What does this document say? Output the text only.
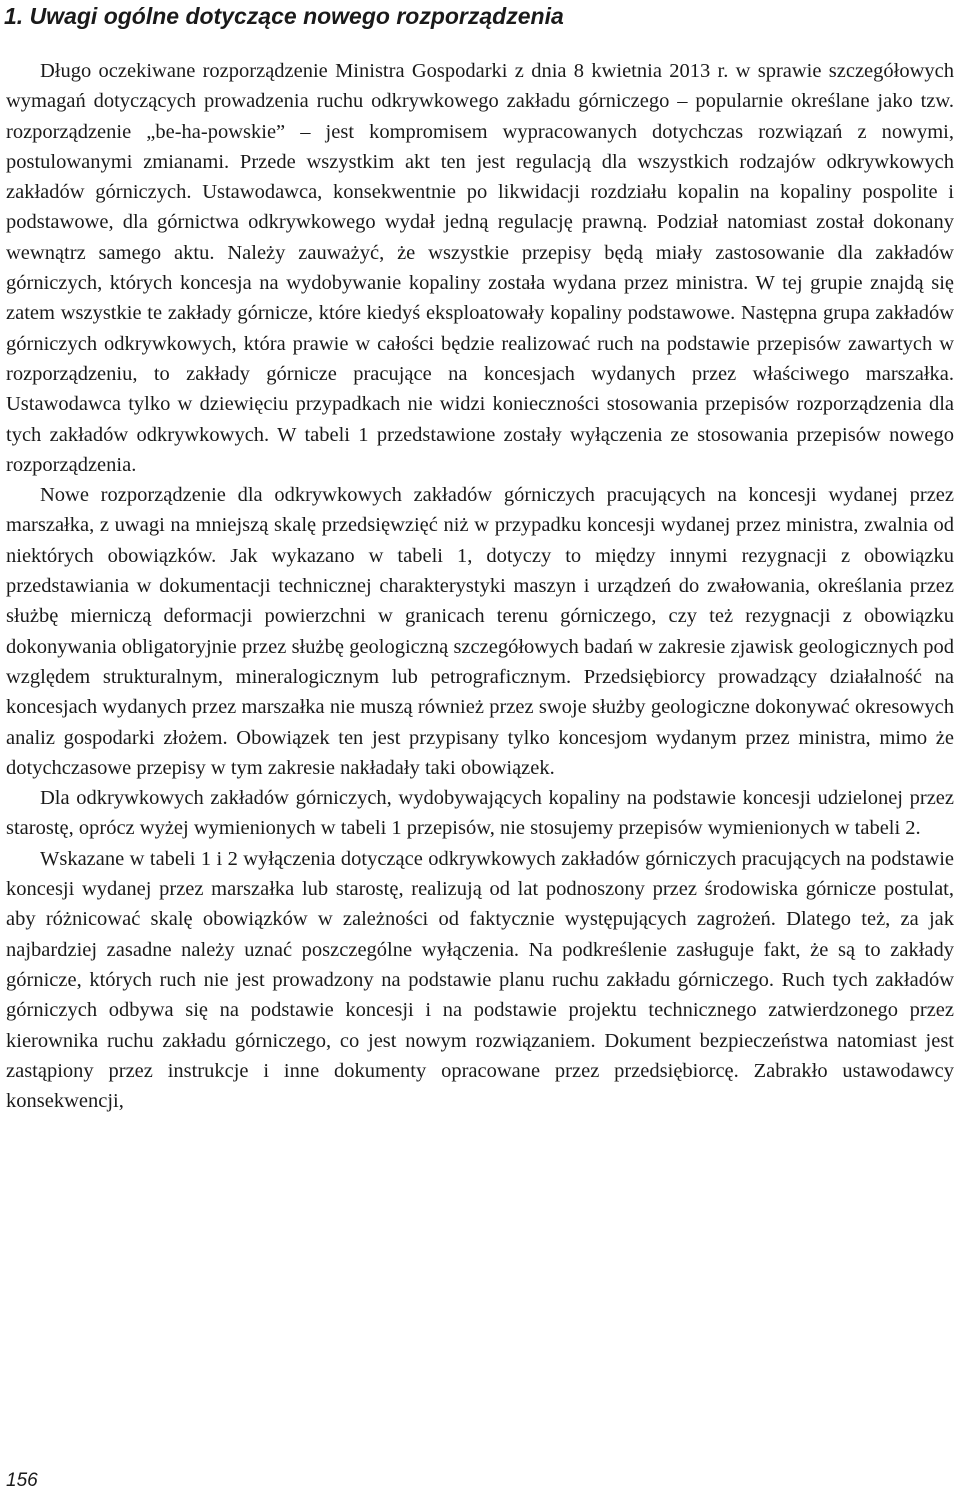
1. Uwagi ogólne dotyczące nowego rozporządzenia

Długo oczekiwane rozporządzenie Ministra Gospodarki z dnia 8 kwietnia 2013 r. w sprawie szczegółowych wymagań dotyczących prowadzenia ruchu odkrywkowego zakładu górniczego – popularnie określane jako tzw. rozporządzenie „be-ha-powskie” – jest kompromisem wypracowanych dotychczas rozwiązań z nowymi, postulowanymi zmianami. Przede wszystkim akt ten jest regulacją dla wszystkich rodzajów odkrywkowych zakładów górniczych. Ustawodawca, konsekwentnie po likwidacji rozdziału kopalin na kopaliny pospolite i podstawowe, dla górnictwa odkrywkowego wydał jedną regulację prawną. Podział natomiast został dokonany wewnątrz samego aktu. Należy zauważyć, że wszystkie przepisy będą miały zastosowanie dla zakładów górniczych, których koncesja na wydobywanie kopaliny została wydana przez ministra. W tej grupie znajdą się zatem wszystkie te zakłady górnicze, które kiedyś eksploatowały kopaliny podstawowe. Następna grupa zakładów górniczych odkrywkowych, która prawie w całości będzie realizować ruch na podstawie przepisów zawartych w rozporządzeniu, to zakłady górnicze pracujące na koncesjach wydanych przez właściwego marszałka. Ustawodawca tylko w dziewięciu przypadkach nie widzi konieczności stosowania przepisów rozporządzenia dla tych zakładów odkrywkowych. W tabeli 1 przedstawione zostały wyłączenia ze stosowania przepisów nowego rozporządzenia.

Nowe rozporządzenie dla odkrywkowych zakładów górniczych pracujących na koncesji wydanej przez marszałka, z uwagi na mniejszą skalę przedsięwzięć niż w przypadku koncesji wydanej przez ministra, zwalnia od niektórych obowiązków. Jak wykazano w tabeli 1, dotyczy to między innymi rezygnacji z obowiązku przedstawiania w dokumentacji technicznej charakterystyki maszyn i urządzeń do zwałowania, określania przez służbę mierniczą deformacji powierzchni w granicach terenu górniczego, czy też rezygnacji z obowiązku dokonywania obligatoryjnie przez służbę geologiczną szczegółowych badań w zakresie zjawisk geologicznych pod względem strukturalnym, mineralogicznym lub petrograficznym. Przedsiębiorcy prowadzący działalność na koncesjach wydanych przez marszałka nie muszą również przez swoje służby geologiczne dokonywać okresowych analiz gospodarki złożem. Obowiązek ten jest przypisany tylko koncesjom wydanym przez ministra, mimo że dotychczasowe przepisy w tym zakresie nakładały taki obowiązek.

Dla odkrywkowych zakładów górniczych, wydobywających kopaliny na podstawie koncesji udzielonej przez starostę, oprócz wyżej wymienionych w tabeli 1 przepisów, nie stosujemy przepisów wymienionych w tabeli 2.

Wskazane w tabeli 1 i 2 wyłączenia dotyczące odkrywkowych zakładów górniczych pracujących na podstawie koncesji wydanej przez marszałka lub starostę, realizują od lat podnoszony przez środowiska górnicze postulat, aby różnicować skalę obowiązków w zależności od faktycznie występujących zagrożeń. Dlatego też, za jak najbardziej zasadne należy uznać poszczególne wyłączenia. Na podkreślenie zasługuje fakt, że są to zakłady górnicze, których ruch nie jest prowadzony na podstawie planu ruchu zakładu górniczego. Ruch tych zakładów górniczych odbywa się na podstawie koncesji i na podstawie projektu technicznego zatwierdzonego przez kierownika ruchu zakładu górniczego, co jest nowym rozwiązaniem. Dokument bezpieczeństwa natomiast jest zastąpiony przez instrukcje i inne dokumenty opracowane przez przedsiębiorcę. Zabrakło ustawodawcy konsekwencji,

156
